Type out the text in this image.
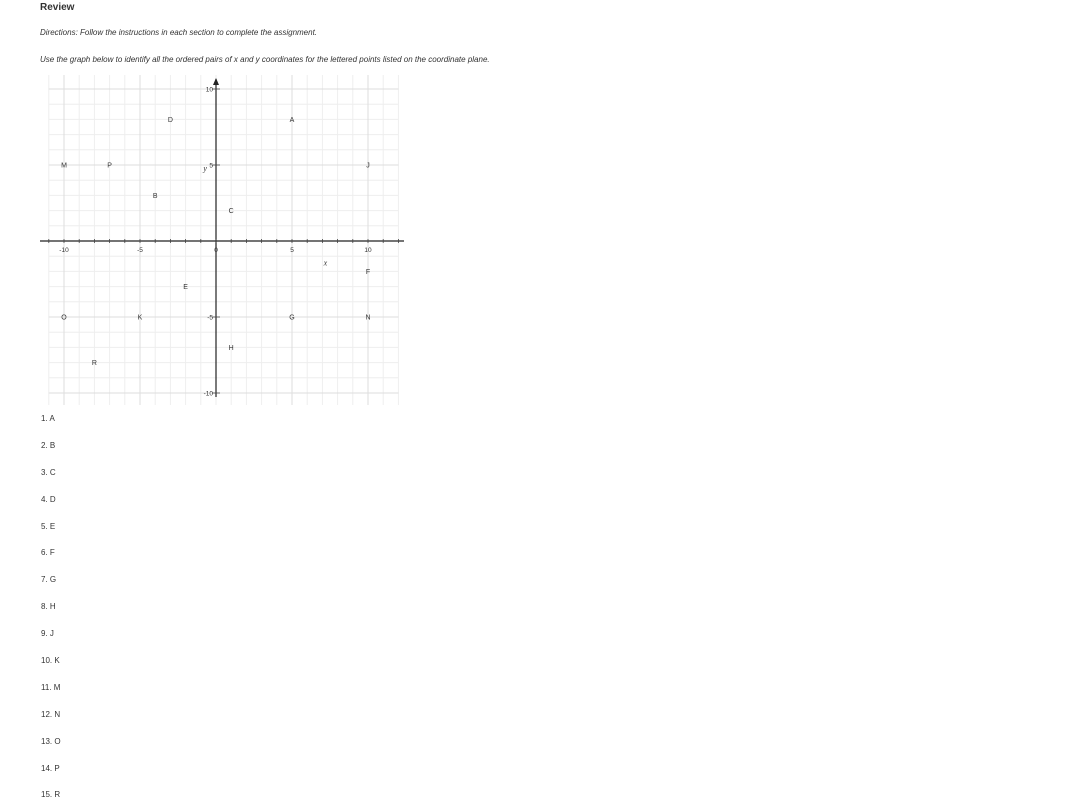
Review
Directions: Follow the instructions in each section to complete the assignment.
Use the graph below to identify all the ordered pairs of x and y coordinates for the lettered points listed on the coordinate plane.
-10	-5	0	5	10
10
5
-5
-10
y
x
A
B
C
D
E
F
G
H
J
K
M
N
O
P
R
1. A
2. B
3. C
4. D
5. E
6. F
7. G
8. H
9. J
10. K
11. M
12. N
13. O
14. P
15. R
